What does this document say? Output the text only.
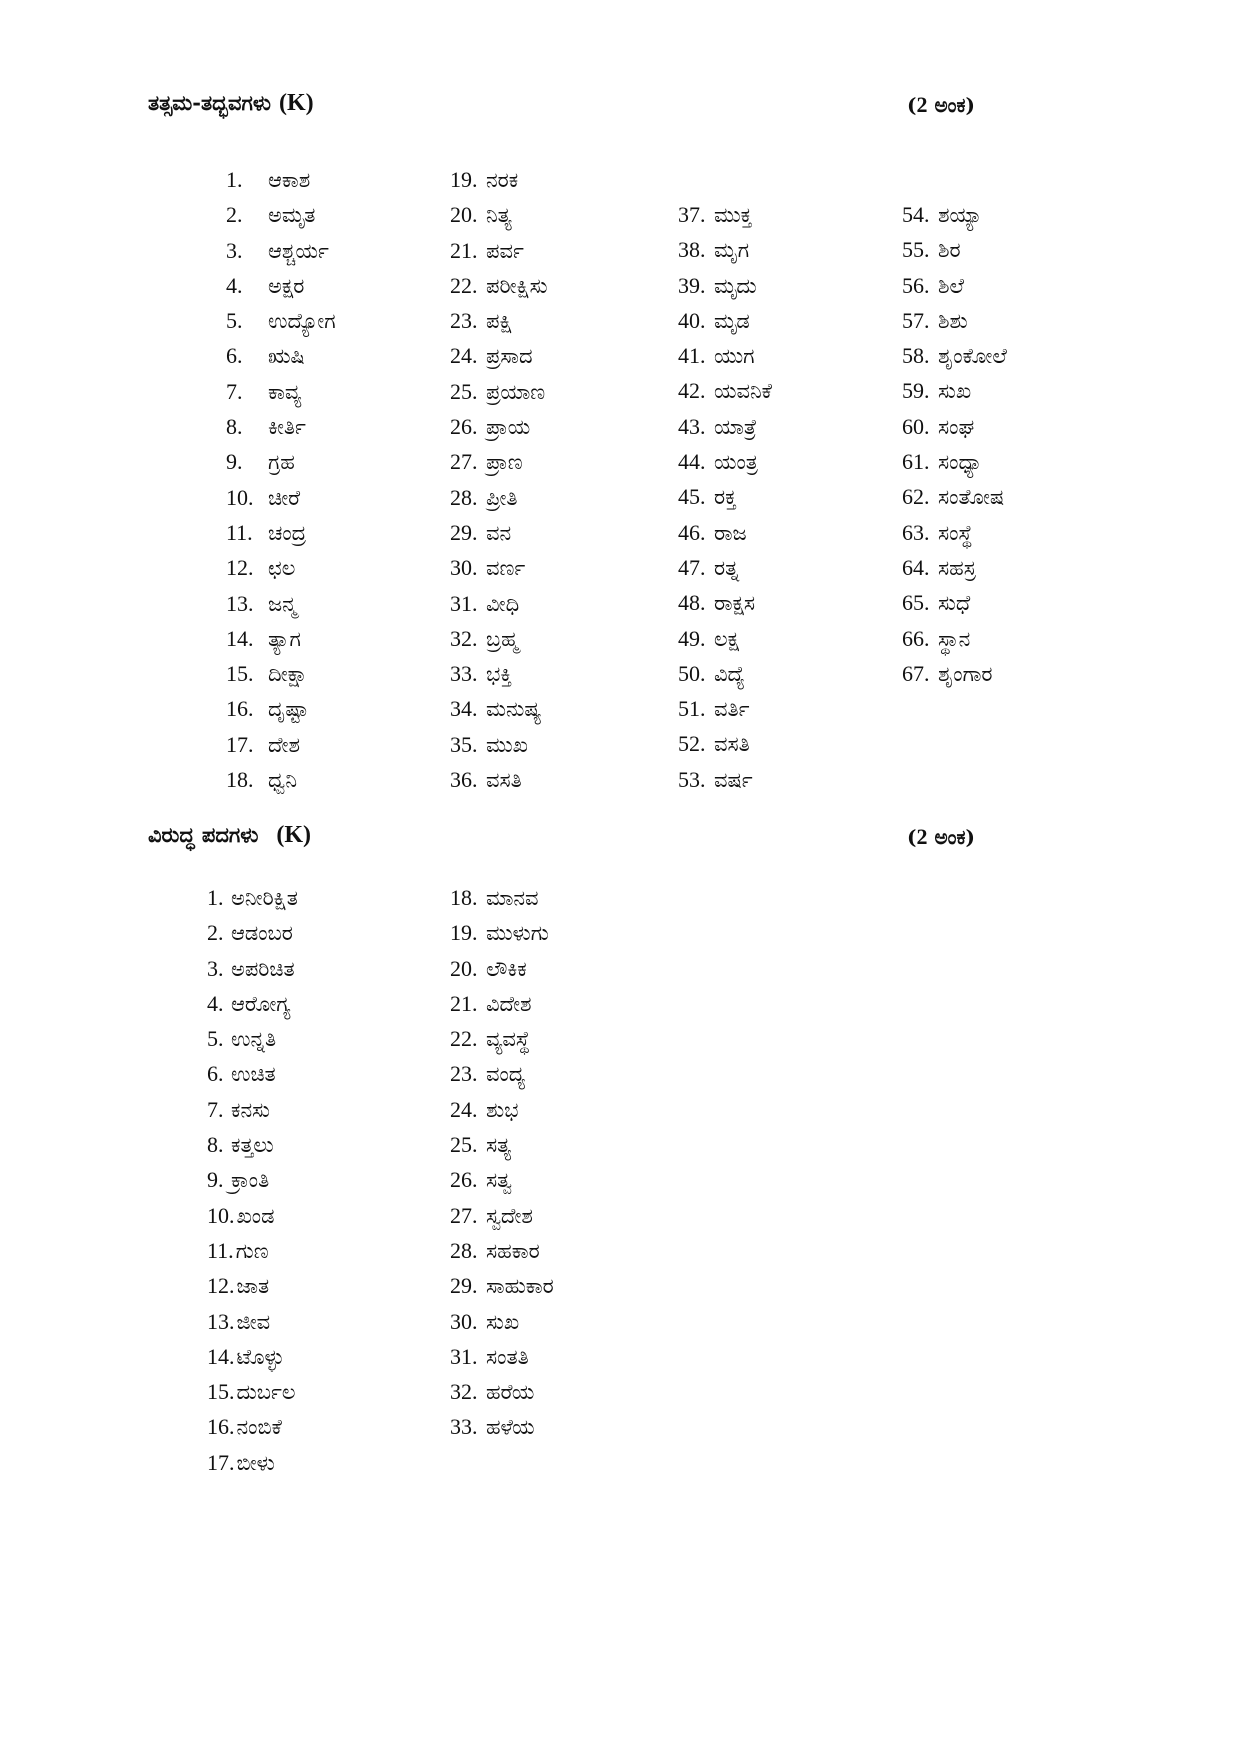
ತತ್ಸಮ-ತದ್ಭವಗಳು (K)	(2 ಅಂಕ)
1. ಆಕಾಶ
2. ಅಮೃತ
3. ಆಶ್ಚರ್ಯ
4. ಅಕ್ಷರ
5. ಉದ್ಯೋಗ
6. ಋಷಿ
7. ಕಾವ್ಯ
8. ಕೀರ್ತಿ
9. ಗ್ರಹ
10. ಚೀರೆ
11. ಚಂದ್ರ
12. ಛಲ
13. ಜನ್ಮ
14. ತ್ಯಾಗ
15. ದೀಕ್ಷಾ
16. ದೃಷ್ಟಾ
17. ದೇಶ
18. ಧ್ವನಿ
19. ನರಕ
20. ನಿತ್ಯ
21. ಪರ್ವ
22. ಪರೀಕ್ಷಿಸು
23. ಪಕ್ಷಿ
24. ಪ್ರಸಾದ
25. ಪ್ರಯಾಣ
26. ಪ್ರಾಯ
27. ಪ್ರಾಣ
28. ಪ್ರೀತಿ
29. ವನ
30. ವರ್ಣ
31. ವೀಧಿ
32. ಬ್ರಹ್ಮ
33. ಭಕ್ತಿ
34. ಮನುಷ್ಯ
35. ಮುಖ
36. ವಸತಿ
37. ಮುಕ್ತ
38. ಮೃಗ
39. ಮೃದು
40. ಮೃಡ
41. ಯುಗ
42. ಯವನಿಕೆ
43. ಯಾತ್ರೆ
44. ಯಂತ್ರ
45. ರಕ್ತ
46. ರಾಜ
47. ರತ್ನ
48. ರಾಕ್ಷಸ
49. ಲಕ್ಷ
50. ವಿದ್ಯೆ
51. ವರ್ತಿ
52. ವಸತಿ
53. ವರ್ಷ
54. ಶಯ್ಯಾ
55. ಶಿರ
56. ಶಿಲೆ
57. ಶಿಶು
58. ಶೃಂಕೋಲೆ
59. ಸುಖ
60. ಸಂಘ
61. ಸಂಧ್ಯಾ
62. ಸಂತೋಷ
63. ಸಂಸ್ಥೆ
64. ಸಹಸ್ರ
65. ಸುಧೆ
66. ಸ್ಥಾನ
67. ಶೃಂಗಾರ
ವಿರುದ್ಧ ಪದಗಳು (K)	(2 ಅಂಕ)
1. ಅನೀರಿಕ್ಷಿತ
2. ಆಡಂಬರ
3. ಅಪರಿಚಿತ
4. ಆರೋಗ್ಯ
5. ಉನ್ನತಿ
6. ಉಚಿತ
7. ಕನಸು
8. ಕತ್ತಲು
9. ಕ್ರಾಂತಿ
10.ಖಂಡ
11.ಗುಣ
12.ಜಾತ
13.ಜೀವ
14.ಟೊಳ್ಳು
15.ದುರ್ಬಲ
16.ನಂಬಿಕೆ
17.ಬೀಳು
18. ಮಾನವ
19. ಮುಳುಗು
20. ಲೌಕಿಕ
21. ವಿದೇಶ
22. ವ್ಯವಸ್ಥೆ
23. ವಂದ್ಯ
24. ಶುಭ
25. ಸತ್ಯ
26. ಸತ್ವ
27. ಸ್ವದೇಶ
28. ಸಹಕಾರ
29. ಸಾಹುಕಾರ
30. ಸುಖ
31. ಸಂತತಿ
32. ಹರೆಯ
33. ಹಳೆಯ
